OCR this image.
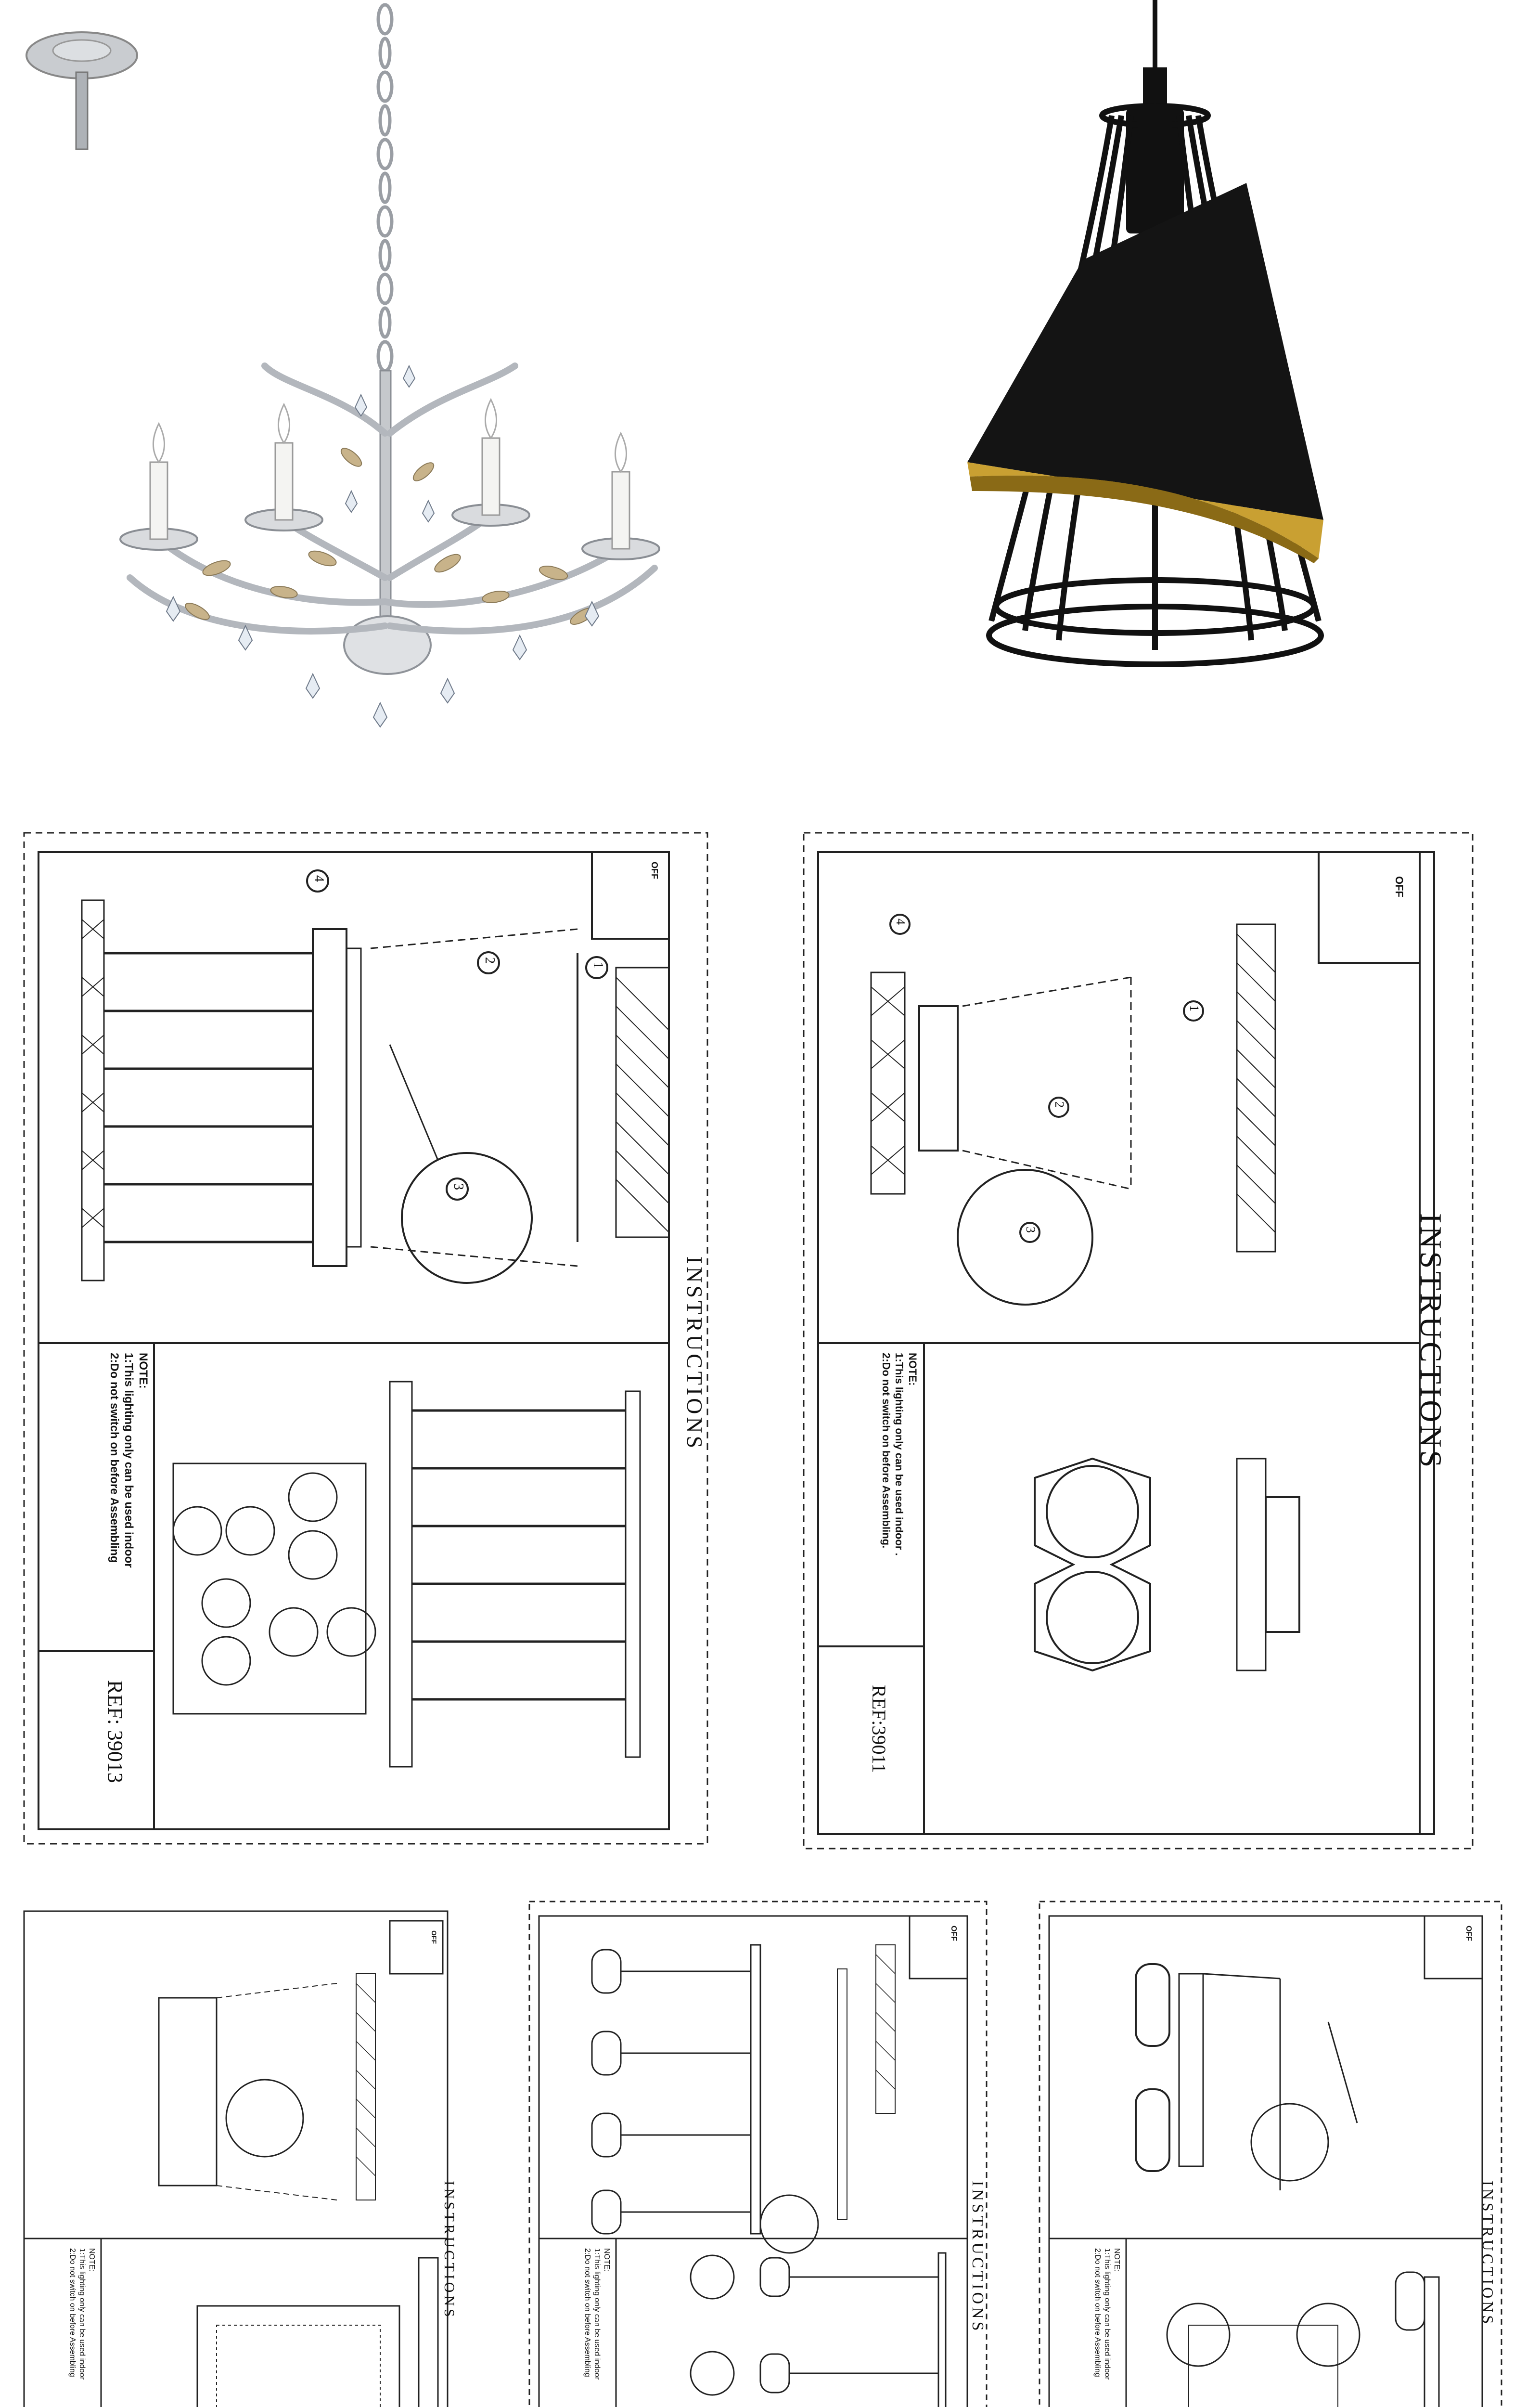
INSTRUCTIONS
OFF
4
2
1
3
NOTE:
1:This lighting only can be used indoor
2:Do not switch on before Assembling
REF: 39013
INSTRUCTIONS
OFF
4
2
1
3
NOTE:
1:This lighting only can be used indoor .
2:Do not switch on before Assembling.
REF:39011
INSTRUCTIONS
OFF
NOTE:
1:This lighting only can be used indoor
2:Do not switch on before Assembling	INSTRUCTIONS
OFF
NOTE:
1:This lighting only can be used indoor
2:Do not switch on before Assembling	INSTRUCTIONS
OFF
NOTE:
1:This lighting only can be used indoor
2:Do not switch on before Assembling
